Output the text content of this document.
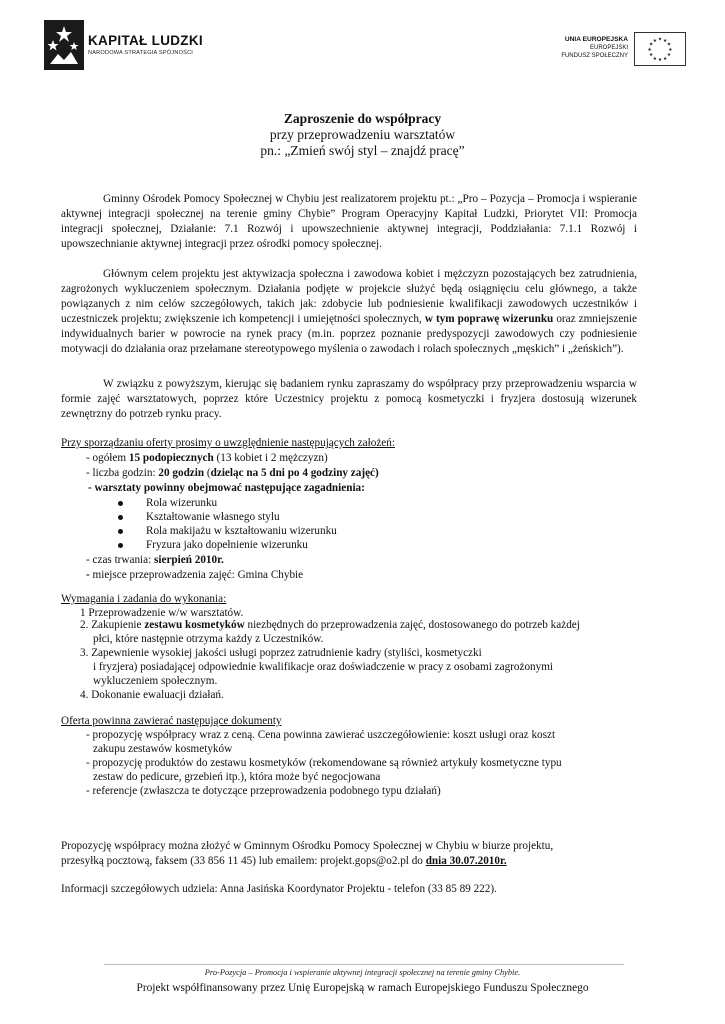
KAPITAŁ LUDZKI
NARODOWA STRATEGIA SPÓJNOŚCI
UNIA EUROPEJSKA
EUROPEJSKI
FUNDUSZ SPOŁECZNY
★ ★
★
★
★
★
★
★
★
★
★
★
Zaproszenie do współpracy
przy przeprowadzeniu warsztatów
pn.: „Zmień swój styl – znajdź pracę”
Gminny Ośrodek Pomocy Społecznej w Chybiu jest realizatorem projektu pt.: „Pro – Pozycja – Promocja i wspieranie aktywnej integracji społecznej na terenie gminy Chybie” Program Operacyjny Kapitał Ludzki, Priorytet VII: Promocja integracji społecznej, Działanie: 7.1 Rozwój i upowszechnienie aktywnej integracji, Poddziałania: 7.1.1 Rozwój i upowszechnianie aktywnej integracji przez ośrodki pomocy społecznej.
Głównym celem projektu jest aktywizacja społeczna i zawodowa kobiet i mężczyzn pozostających bez zatrudnienia, zagrożonych wykluczeniem społecznym. Działania podjęte w projekcie służyć będą osiągnięciu celu głównego, a także powiązanych z nim celów szczegółowych, takich jak: zdobycie lub podniesienie kwalifikacji zawodowych uczestników i uczestniczek projektu; zwiększenie ich kompetencji i umiejętności społecznych, w tym poprawę wizerunku oraz zmniejszenie indywidualnych barier w powrocie na rynek pracy (m.in. poprzez poznanie predyspozycji zawodowych czy podniesienie motywacji do działania oraz przełamane stereotypowego myślenia o zawodach i rolach społecznych „męskich” i „żeńskich”).
W związku z powyższym, kierując się badaniem rynku zapraszamy do współpracy przy przeprowadzeniu wsparcia w formie zajęć warsztatowych, poprzez które Uczestnicy projektu z pomocą kosmetyczki i fryzjera dostosują wizerunek zewnętrzny do potrzeb rynku pracy.
Przy sporządzaniu oferty prosimy o uwzględnienie następujących założeń:
- ogółem 15 podopiecznych (13 kobiet i 2 mężczyzn)
- liczba godzin: 20 godzin (dzieląc na 5 dni po 4 godziny zajęć)
- warsztaty powinny obejmować następujące zagadnienia:
Rola wizerunku
Kształtowanie własnego stylu
Rola makijażu w kształtowaniu wizerunku
Fryzura jako dopełnienie wizerunku
- czas trwania: sierpień 2010r.
- miejsce przeprowadzenia zajęć: Gmina Chybie
Wymagania i zadania do wykonania:
1 Przeprowadzenie w/w warsztatów.
2. Zakupienie zestawu kosmetyków niezbędnych do przeprowadzenia zajęć, dostosowanego do potrzeb każdej
płci, które następnie otrzyma każdy z Uczestników.
3. Zapewnienie wysokiej jakości usługi poprzez zatrudnienie kadry (styliści, kosmetyczki
i fryzjera) posiadającej odpowiednie kwalifikacje oraz doświadczenie w pracy z osobami zagrożonymi
wykluczeniem społecznym.
4. Dokonanie ewaluacji działań.
Oferta powinna zawierać następujące dokumenty
- propozycję współpracy wraz z ceną. Cena powinna zawierać uszczegółowienie: koszt usługi oraz koszt
zakupu zestawów kosmetyków
- propozycję produktów do zestawu kosmetyków (rekomendowane są również artykuły kosmetyczne typu
zestaw do pedicure, grzebień itp.), która może być negocjowana
- referencje (zwłaszcza te dotyczące przeprowadzenia podobnego typu działań)
Propozycję współpracy można złożyć w Gminnym Ośrodku Pomocy Społecznej w Chybiu w biurze projektu,
przesyłką pocztową, faksem (33 856 11 45) lub emailem: projekt.gops@o2.pl do dnia 30.07.2010r.
Informacji szczegółowych udziela: Anna Jasińska Koordynator Projektu - telefon (33 85 89 222).
Pro-Pozycja – Promocja i wspieranie aktywnej integracji społecznej na terenie gminy Chybie.
Projekt współfinansowany przez Unię Europejską w ramach Europejskiego Funduszu Społecznego
